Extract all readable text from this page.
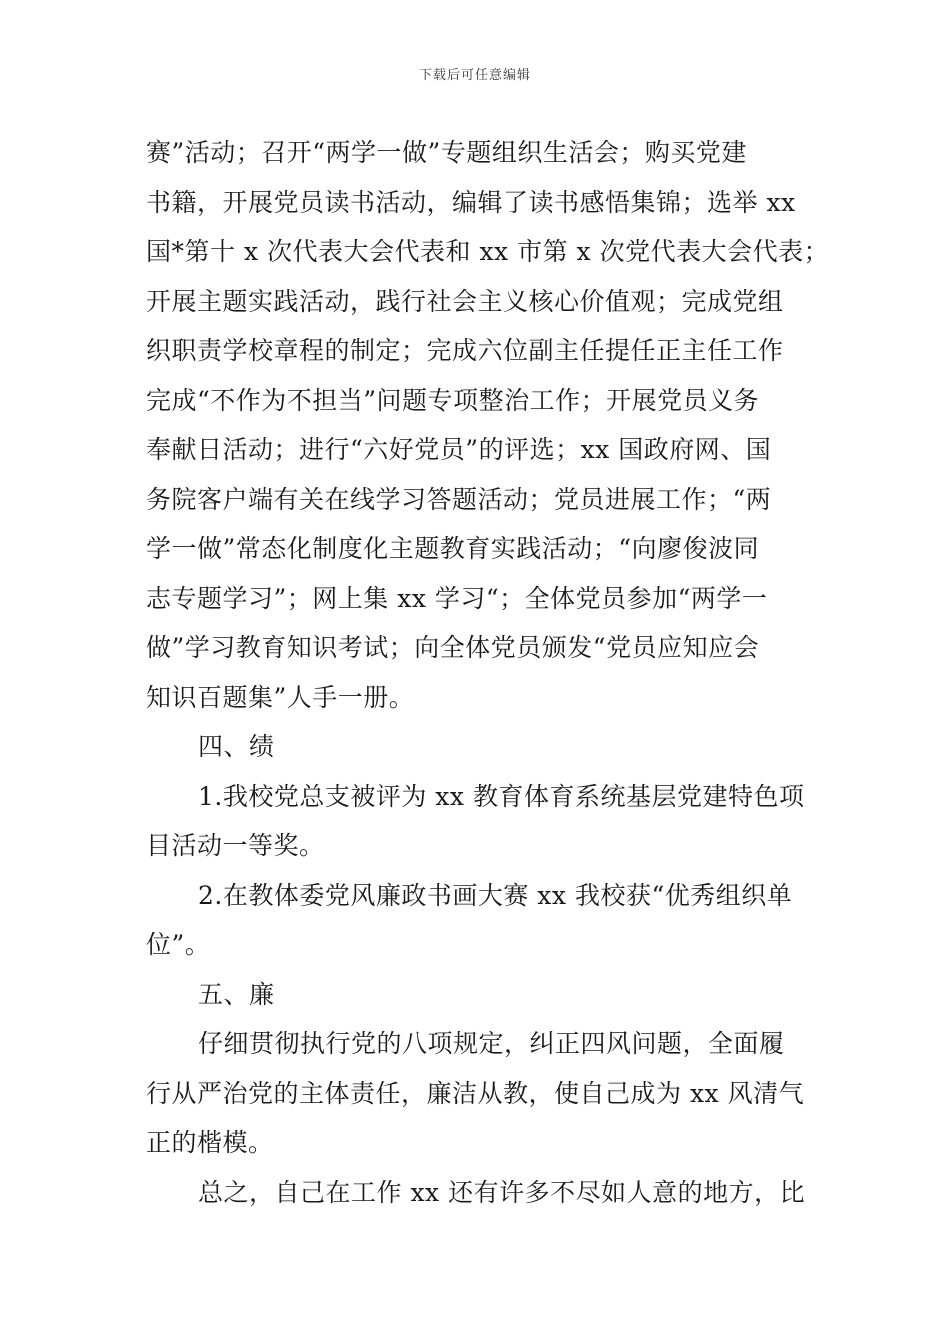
下载后可任意编辑
赛”活动；召开“两学一做”专题组织生活会；购买党建
书籍，开展党员读书活动，编辑了读书感悟集锦；选举 xx
国*第十 x 次代表大会代表和 xx 市第 x 次党代表大会代表；
开展主题实践活动，践行社会主义核心价值观；完成党组
织职责学校章程的制定；完成六位副主任提任正主任工作
完成“不作为不担当”问题专项整治工作；开展党员义务
奉献日活动；进行“六好党员”的评选；xx 国政府网、国
务院客户端有关在线学习答题活动；党员进展工作；“两
学一做”常态化制度化主题教育实践活动；“向廖俊波同
志专题学习”；网上集 xx 学习“；全体党员参加“两学一
做”学习教育知识考试；向全体党员颁发“党员应知应会
知识百题集”人手一册。
四、绩
1.我校党总支被评为 xx 教育体育系统基层党建特色项
目活动一等奖。
2.在教体委党风廉政书画大赛 xx 我校获“优秀组织单
位”。
五、廉
仔细贯彻执行党的八项规定，纠正四风问题，全面履
行从严治党的主体责任，廉洁从教，使自己成为 xx 风清气
正的楷模。
总之，自己在工作 xx 还有许多不尽如人意的地方，比
